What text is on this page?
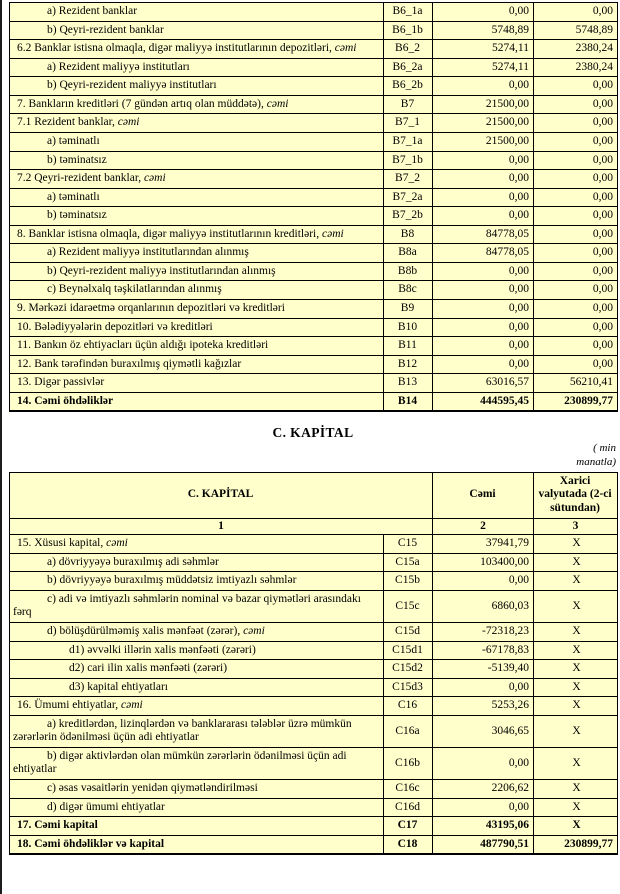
a) Rezident banklar	B6_1a	0,00	0,00
b) Qeyri-rezident banklar	B6_1b	5748,89	5748,89
6.2 Banklar istisna olmaqla, digər maliyyə institutlarının depozitləri, cəmi	B6_2	5274,11	2380,24
a) Rezident maliyyə institutları	B6_2a	5274,11	2380,24
b) Qeyri-rezident maliyyə institutları	B6_2b	0,00	0,00
7. Bankların kreditləri (7 gündən artıq olan müddətə), cəmi	B7	21500,00	0,00
7.1 Rezident banklar, cəmi	B7_1	21500,00	0,00
a) təminatlı	B7_1a	21500,00	0,00
b) təminatsız	B7_1b	0,00	0,00
7.2 Qeyri-rezident banklar, cəmi	B7_2	0,00	0,00
a) təminatlı	B7_2a	0,00	0,00
b) təminatsız	B7_2b	0,00	0,00
8. Banklar istisna olmaqla, digər maliyyə institutlarının kreditləri, cəmi	B8	84778,05	0,00
a) Rezident maliyyə institutlarından alınmış	B8a	84778,05	0,00
b) Qeyri-rezident maliyyə institutlarından alınmış	B8b	0,00	0,00
c) Beynəlxalq təşkilatlarından alınmış	B8c	0,00	0,00
9. Mərkəzi idarəetmə orqanlarının depozitləri və kreditləri	B9	0,00	0,00
10. Bələdiyyələrin depozitləri və kreditləri	B10	0,00	0,00
11. Bankın öz ehtiyacları üçün aldığı ipoteka kreditləri	B11	0,00	0,00
12. Bank tərəfindən buraxılmış qiymətli kağızlar	B12	0,00	0,00
13. Digər passivlər	B13	63016,57	56210,41
14. Cəmi öhdəliklər	B14	444595,45	230899,77
C. KAPİTAL
( min
manatla)
C. KAPİTAL		Cəmi	Xarici valyutada (2-ci sütundan)
1		2	3
15. Xüsusi kapital, cəmi	C15	37941,79	X
a) dövriyyəyə buraxılmış adi səhmlər	C15a	103400,00	X
b) dövriyyəyə buraxılmış müddətsiz imtiyazlı səhmlər	C15b	0,00	X
c) adi və imtiyazlı səhmlərin nominal və bazar qiymətləri arasındakı fərq	C15c	6860,03	X
d) bölüşdürülməmiş xalis mənfəət (zərər), cəmi	C15d	-72318,23	X
d1) əvvəlki illərin xalis mənfəəti (zərəri)	C15d1	-67178,83	X
d2) cari ilin xalis mənfəəti (zərəri)	C15d2	-5139,40	X
d3) kapital ehtiyatları	C15d3	0,00	X
16. Ümumi ehtiyatlar, cəmi	C16	5253,26	X
a) kreditlərdən, lizinqlərdən və banklararası tələblər üzrə mümkün zərərlərin ödənilməsi üçün adi ehtiyatlar	C16a	3046,65	X
b) digər aktivlərdən olan mümkün zərərlərin ödənilməsi üçün adi ehtiyatlar	C16b	0,00	X
c) əsas vəsaitlərin yenidən qiymətləndirilməsi	C16c	2206,62	X
d) digər ümumi ehtiyatlar	C16d	0,00	X
17. Cəmi kapital	C17	43195,06	X
18. Cəmi öhdəliklər və kapital	C18	487790,51	230899,77
